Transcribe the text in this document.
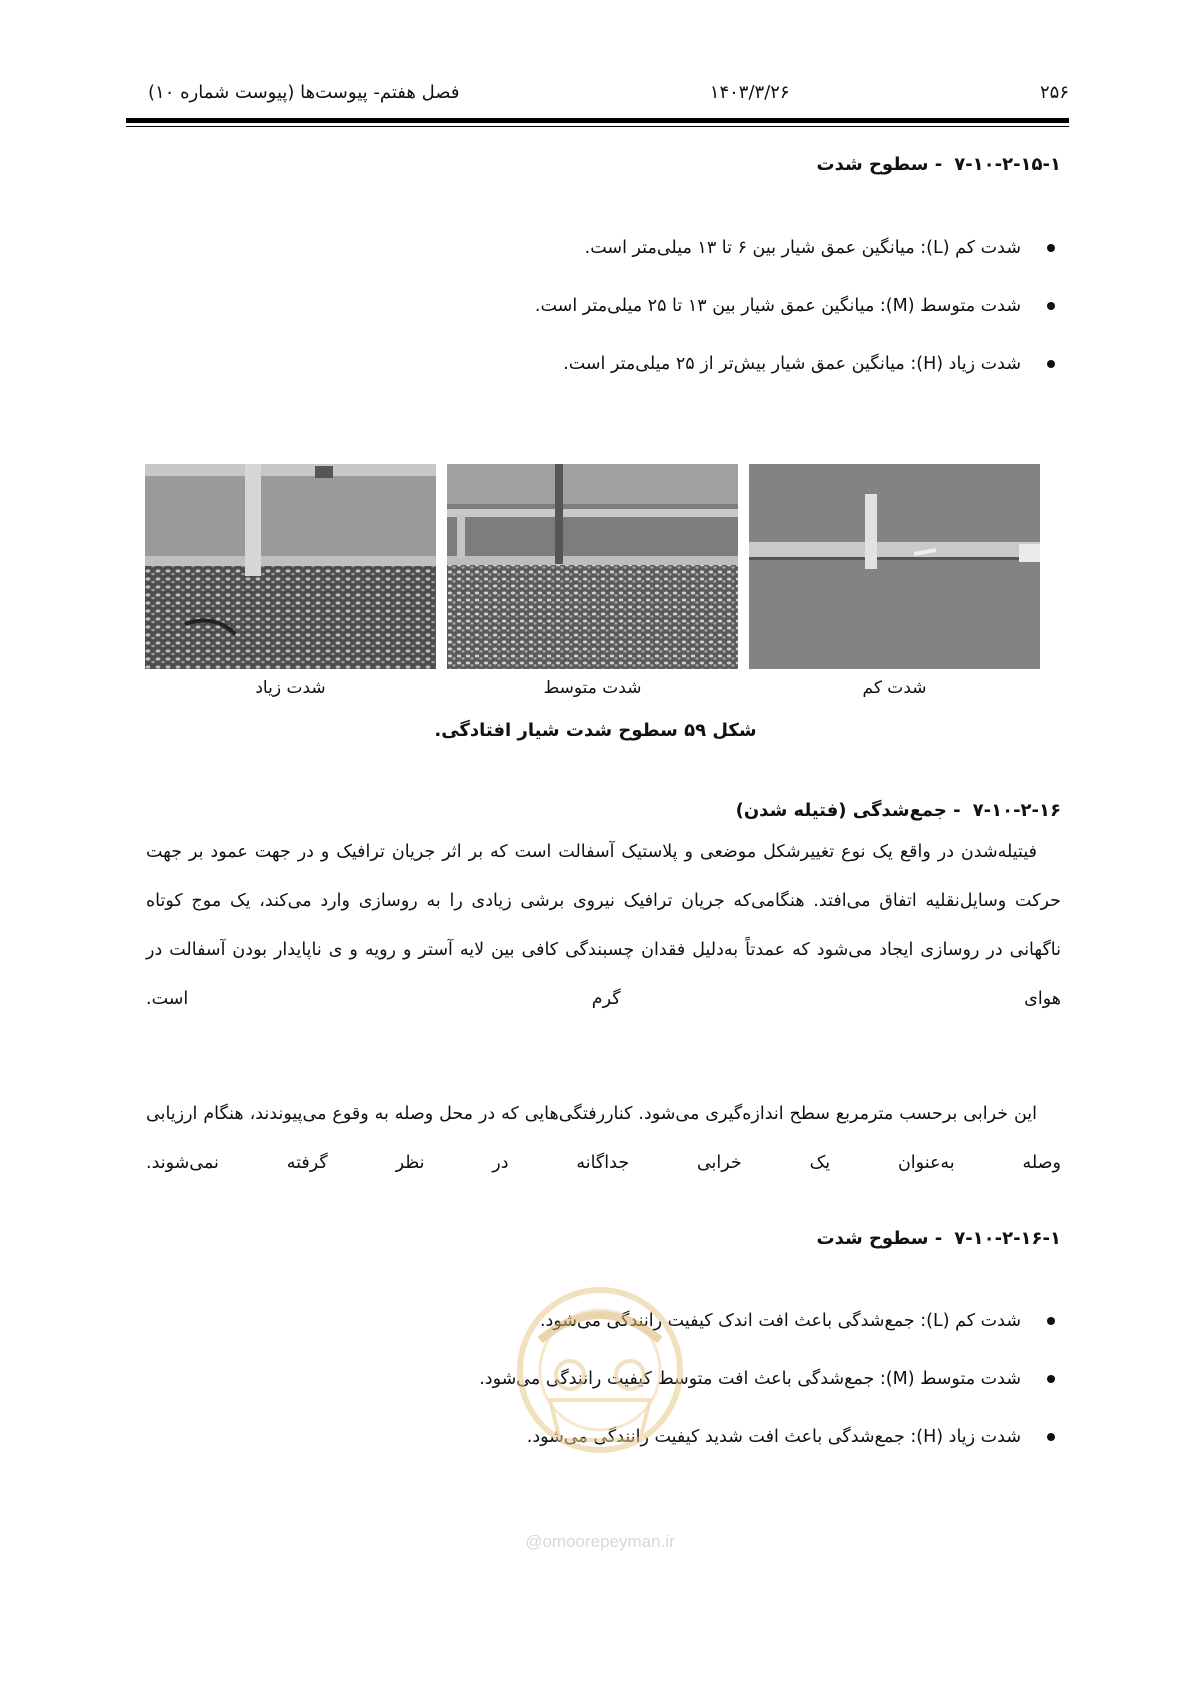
۲۵۶
۱۴۰۳/۳/۲۶
فصل هفتم- پیوست‌ها (پیوست شماره ۱۰)
۷-۱۰-۲-۱۵-۱- سطوح شدت
شدت کم (L): میانگین عمق شیار بین ۶ تا ۱۳ میلی‌متر است.
شدت متوسط (M): میانگین عمق شیار بین ۱۳ تا ۲۵ میلی‌متر است.
شدت زیاد (H): میانگین عمق شیار بیش‌تر از ۲۵ میلی‌متر است.
شدت زیاد	شدت متوسط	شدت کم
شکل ۵۹ سطوح شدت شیار افتادگی.
۷-۱۰-۲-۱۶- جمع‌شدگی (فتیله شدن)
فیتیله‌شدن در واقع یک نوع تغییرشکل موضعی و پلاستیک آسفالت است که بر اثر جریان ترافیک و در جهت عمود بر جهت حرکت وسایل‌نقلیه اتفاق می‌افتد. هنگامی‌که جریان ترافیک نیروی برشی زیادی را به روسازی وارد می‌کند، یک موج کوتاه ناگهانی در روسازی ایجاد می‌شود که عمدتاً به‌دلیل فقدان چسبندگی کافی بین لایه آستر و رویه و ی ناپایدار بودن آسفالت در هوای گرم است.
این خرابی برحسب مترمربع سطح اندازه‌گیری می‌شود. کناررفتگی‌هایی که در محل وصله به وقوع می‌پیوندند، هنگام ارزیابی وصله به‌عنوان یک خرابی جداگانه در نظر گرفته نمی‌شوند.
۷-۱۰-۲-۱۶-۱- سطوح شدت
شدت کم (L): جمع‌شدگی باعث افت اندک کیفیت رانندگی می‌شود.
شدت متوسط (M): جمع‌شدگی باعث افت متوسط کیفیت رانندگی می‌شود.
شدت زیاد (H): جمع‌شدگی باعث افت شدید کیفیت رانندگی می‌شود.
@omoorepeyman.ir
